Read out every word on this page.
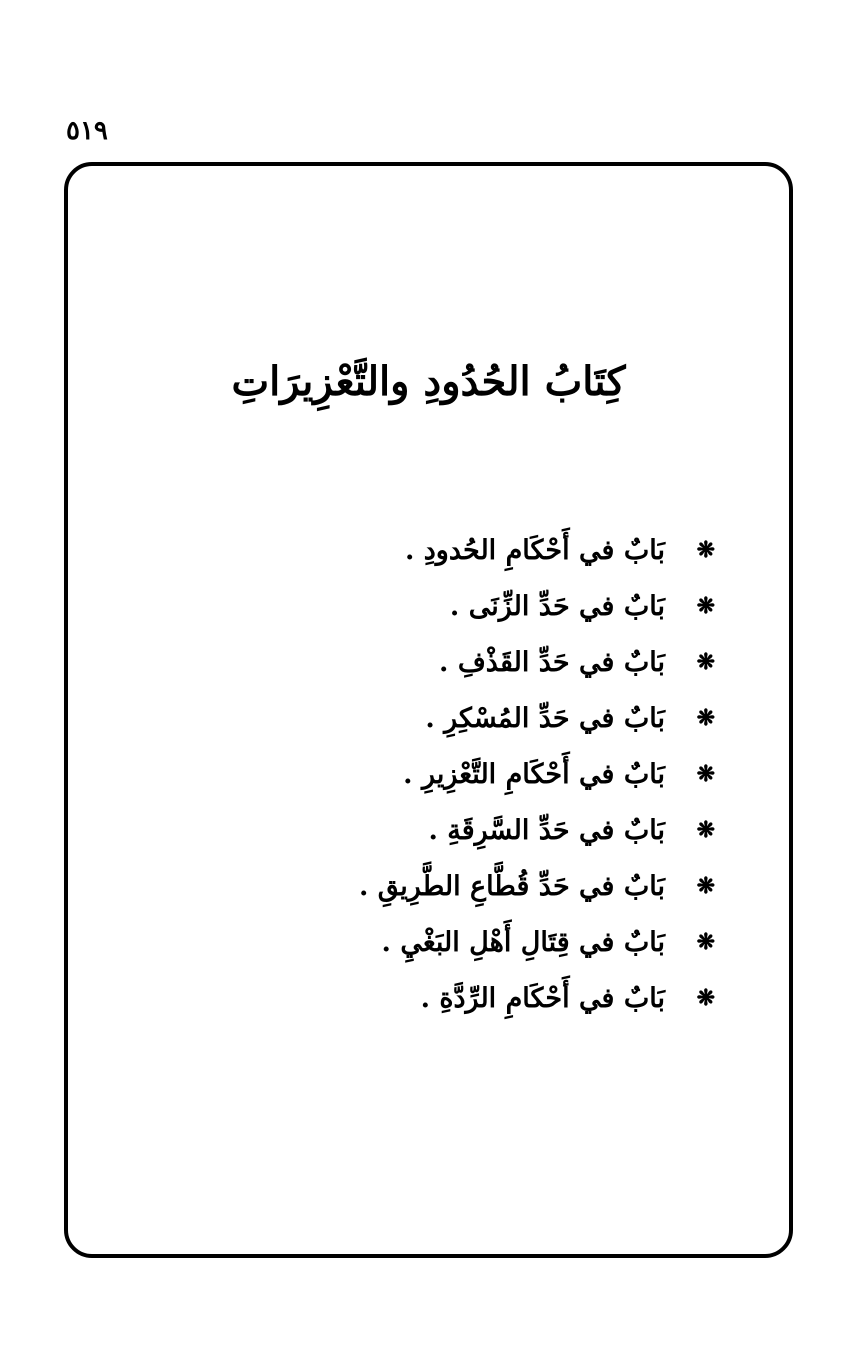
٥١٩
كِتَابُ الحُدُودِ والتَّعْزِيرَاتِ
❋
بَابٌ في أَحْكَامِ الحُدودِ .
❋
بَابٌ في حَدِّ الزِّنَى .
❋
بَابٌ في حَدِّ القَذْفِ .
❋
بَابٌ في حَدِّ المُسْكِرِ .
❋
بَابٌ في أَحْكَامِ التَّعْزِيرِ .
❋
بَابٌ في حَدِّ السَّرِقَةِ .
❋
بَابٌ في حَدِّ قُطَّاعِ الطَّرِيقِ .
❋
بَابٌ في قِتَالِ أَهْلِ البَغْيِ .
❋
بَابٌ في أَحْكَامِ الرِّدَّةِ .
